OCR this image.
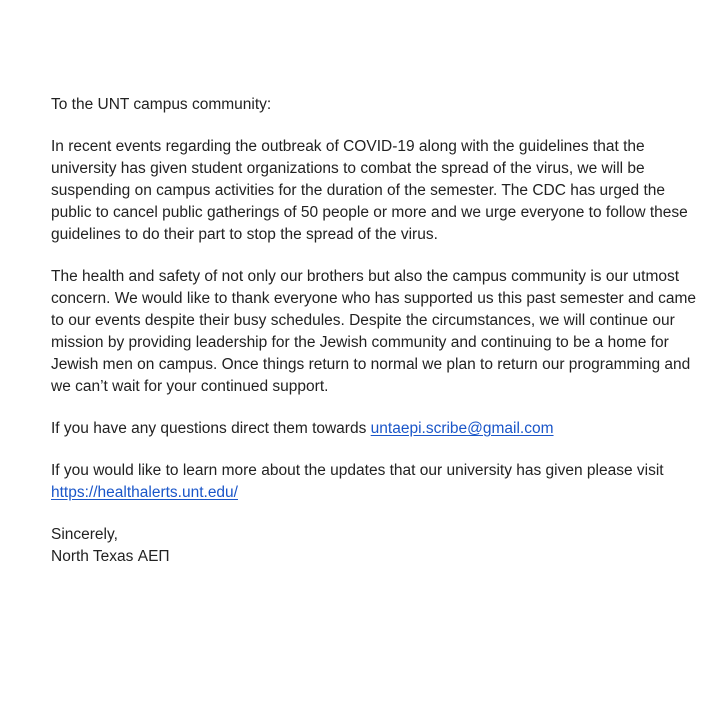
To the UNT campus community:
In recent events regarding the outbreak of COVID-19 along with the guidelines that the
university has given student organizations to combat the spread of the virus, we will be
suspending on campus activities for the duration of the semester. The CDC has urged the
public to cancel public gatherings of 50 people or more and we urge everyone to follow these
guidelines to do their part to stop the spread of the virus.
The health and safety of not only our brothers but also the campus community is our utmost
concern. We would like to thank everyone who has supported us this past semester and came
to our events despite their busy schedules. Despite the circumstances, we will continue our
mission by providing leadership for the Jewish community and continuing to be a home for
Jewish men on campus. Once things return to normal we plan to return our programming and
we can’t wait for your continued support.
If you have any questions direct them towards untaepi.scribe@gmail.com
If you would like to learn more about the updates that our university has given please visit
https://healthalerts.unt.edu/
Sincerely,
North Texas ΑΕΠ
